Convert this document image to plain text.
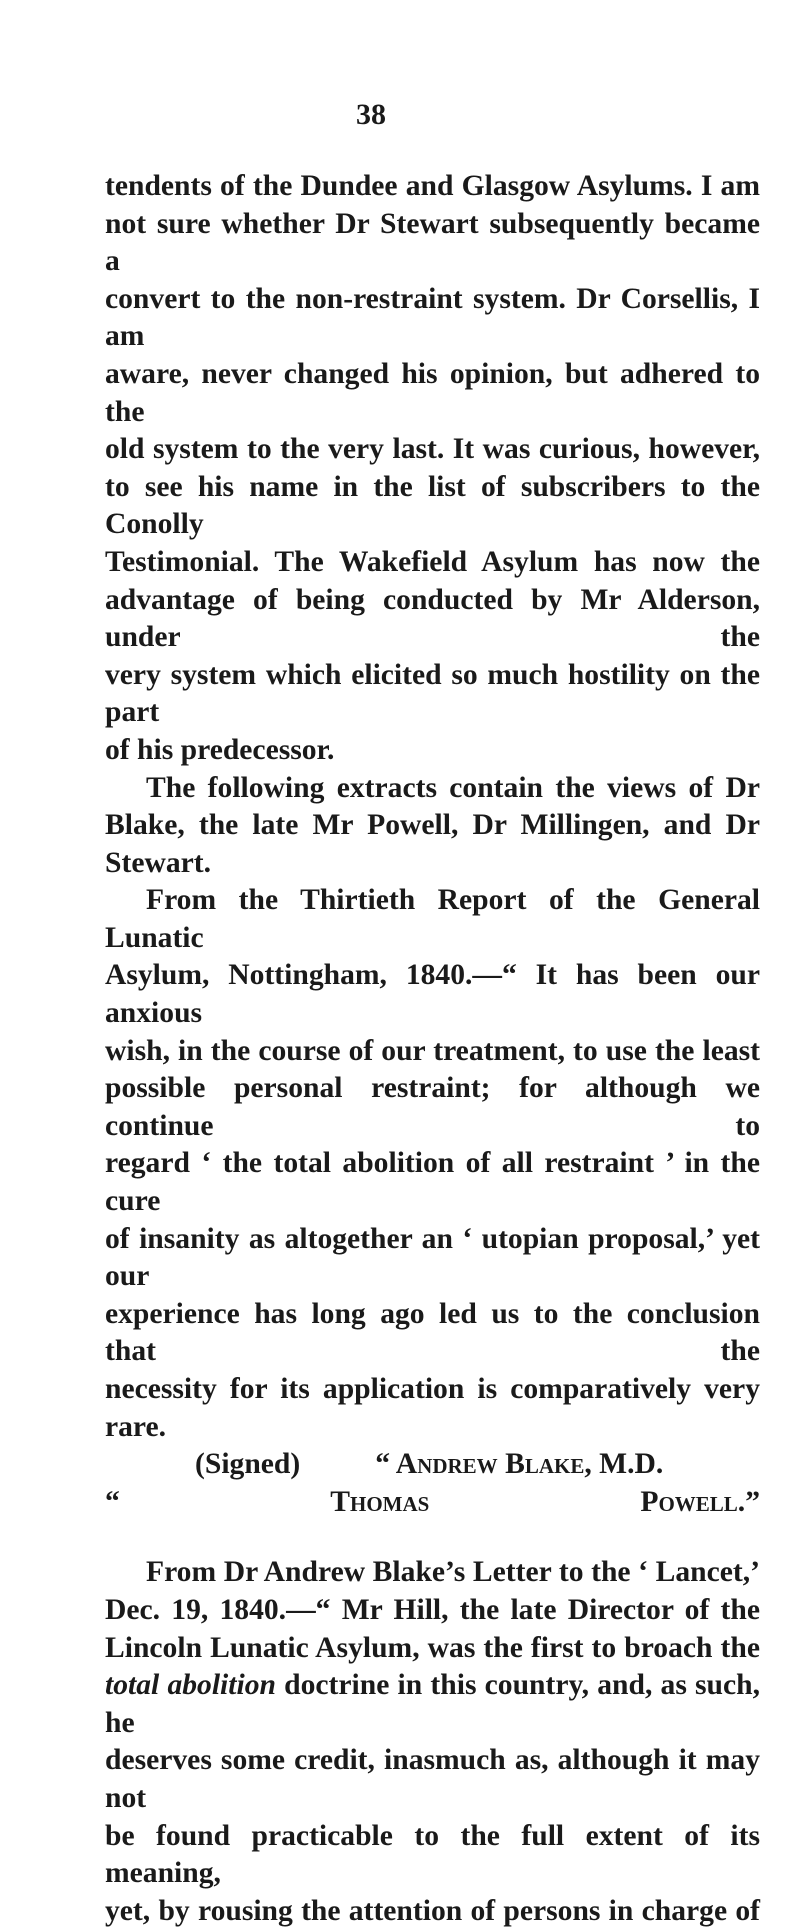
38

tendents of the Dundee and Glasgow Asylums. I am

not sure whether Dr Stewart subsequently became a

convert to the non-restraint system. Dr Corsellis, I am

aware, never changed his opinion, but adhered to the

old system to the very last. It was curious, however,

to see his name in the list of subscribers to the Conolly

Testimonial. The Wakefield Asylum has now the

advantage of being conducted by Mr Alderson, under the

very system which elicited so much hostility on the part

of his predecessor.

The following extracts contain the views of Dr

Blake, the late Mr Powell, Dr Millingen, and Dr

Stewart.

From the Thirtieth Report of the General Lunatic

Asylum, Nottingham, 1840.—“ It has been our anxious

wish, in the course of our treatment, to use the least

possible personal restraint; for although we continue to

regard ‘ the total abolition of all restraint ’ in the cure

of insanity as altogether an ‘ utopian proposal,’ yet our

experience has long ago led us to the conclusion that the

necessity for its application is comparatively very rare.

(Signed)	“ Andrew Blake, M.D.

“ Thomas Powell.”

From Dr Andrew Blake’s Letter to the ‘ Lancet,’

Dec. 19, 1840.—“ Mr Hill, the late Director of the

Lincoln Lunatic Asylum, was the first to broach the

total abolition doctrine in this country, and, as such, he

deserves some credit, inasmuch as, although it may not

be found practicable to the full extent of its meaning,

yet, by rousing the attention of persons in charge of
